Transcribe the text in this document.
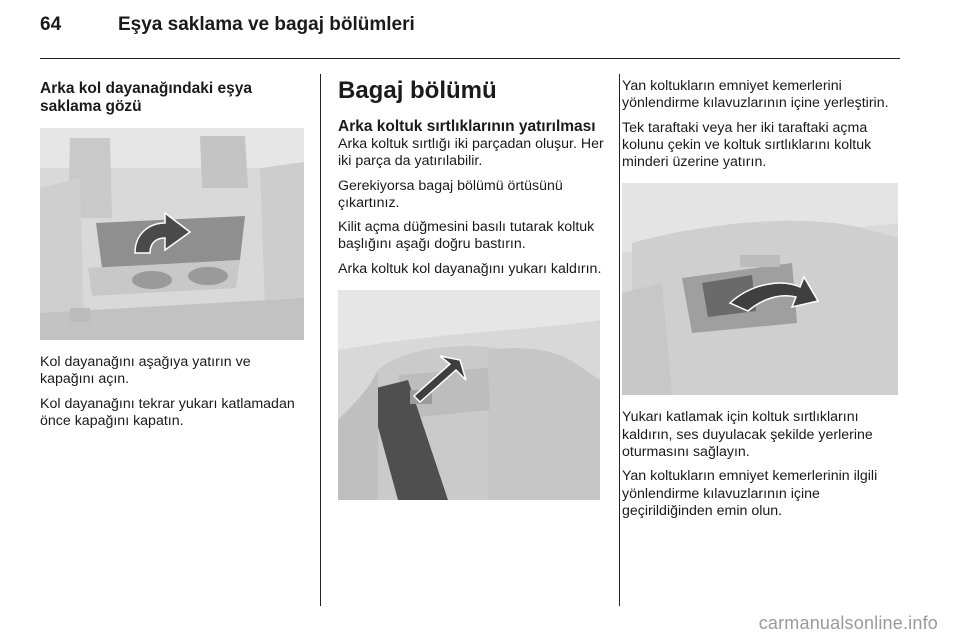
64	Eşya saklama ve bagaj bölümleri
Arka kol dayanağındaki eşya saklama gözü

Kol dayanağını aşağıya yatırın ve kapağını açın.

Kol dayanağını tekrar yukarı katlamadan önce kapağını kapatın.

Bagaj bölümü
Arka koltuk sırtlıklarının yatırılması

Arka koltuk sırtlığı iki parçadan oluşur. Her iki parça da yatırılabilir.

Gerekiyorsa bagaj bölümü örtüsünü çıkartınız.

Kilit açma düğmesini basılı tutarak koltuk başlığını aşağı doğru bastırın.

Arka koltuk kol dayanağını yukarı kaldırın.

Yan koltukların emniyet kemerlerini yönlendirme kılavuzlarının içine yerleştirin.

Tek taraftaki veya her iki taraftaki açma kolunu çekin ve koltuk sırtlıklarını koltuk minderi üzerine yatırın.

Yukarı katlamak için koltuk sırtlıklarını kaldırın, ses duyulacak şekilde yerlerine oturmasını sağlayın.

Yan koltukların emniyet kemerlerinin ilgili yönlendirme kılavuzlarının içine geçirildiğinden emin olun.

carmanualsonline.info
